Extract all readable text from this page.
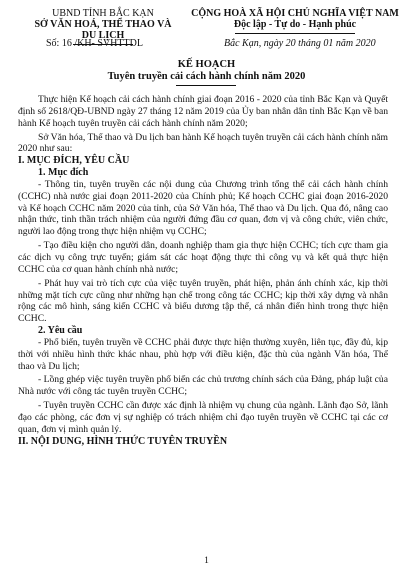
UBND TỈNH BẮC KẠN
SỞ VĂN HOÁ, THỂ THAO VÀ DU LỊCH
CỘNG HOÀ XÃ HỘI CHỦ NGHĨA VIỆT NAM
Độc lập - Tự do - Hạnh phúc
Số: 16 /KH- SVHTTDL	Bắc Kạn, ngày 20 tháng 01 năm 2020
KẾ HOẠCH
Tuyên truyền cải cách hành chính năm 2020

Thực hiện Kế hoạch cải cách hành chính giai đoạn 2016 - 2020 của tỉnh Bắc Kạn và Quyết định số 2618/QĐ-UBND ngày 27 tháng 12 năm 2019 của Ủy ban nhân dân tỉnh Bắc Kạn về ban hành Kế hoạch tuyên truyền cải cách hành chính năm 2020;

Sở Văn hóa, Thể thao và Du lịch ban hành Kế hoạch tuyên truyền cải cách hành chính năm 2020 như sau:

I. MỤC ĐÍCH, YÊU CẦU

1. Mục đích

- Thông tin, tuyên truyền các nội dung của Chương trình tổng thể cải cách hành chính (CCHC) nhà nước giai đoạn 2011-2020 của Chính phủ; Kế hoạch CCHC giai đoạn 2016-2020 và Kế hoạch CCHC năm 2020 của tỉnh, của Sở Văn hóa, Thể thao và Du lịch. Qua đó, nâng cao nhận thức, tinh thần trách nhiệm của người đứng đầu cơ quan, đơn vị và công chức, viên chức, người lao động trong thực hiện nhiệm vụ CCHC;

- Tạo điều kiện cho người dân, doanh nghiệp tham gia thực hiện CCHC; tích cực tham gia các dịch vụ công trực tuyến; giám sát các hoạt động thực thi công vụ và kết quả thực hiện CCHC của cơ quan hành chính nhà nước;

- Phát huy vai trò tích cực của việc tuyên truyền, phát hiện, phản ánh chính xác, kịp thời những mặt tích cực cũng như những hạn chế trong công tác CCHC; kịp thời xây dựng và nhân rộng các mô hình, sáng kiến CCHC và biểu dương tập thể, cá nhân điển hình trong thực hiện CCHC.

2. Yêu cầu

- Phổ biến, tuyên truyền về CCHC phải được thực hiện thường xuyên, liên tục, đầy đủ, kịp thời với nhiều hình thức khác nhau, phù hợp với điều kiện, đặc thù của ngành Văn hóa, Thể thao và Du lịch;

- Lồng ghép việc tuyên truyền phổ biến các chủ trương chính sách của Đảng, pháp luật của Nhà nước với công tác tuyên truyền CCHC;

- Tuyên truyền CCHC cần được xác định là nhiệm vụ chung của ngành. Lãnh đạo Sở, lãnh đạo các phòng, các đơn vị sự nghiệp có trách nhiệm chỉ đạo tuyên truyền về CCHC tại các cơ quan, đơn vị mình quản lý.

II. NỘI DUNG, HÌNH THỨC TUYÊN TRUYỀN

1
